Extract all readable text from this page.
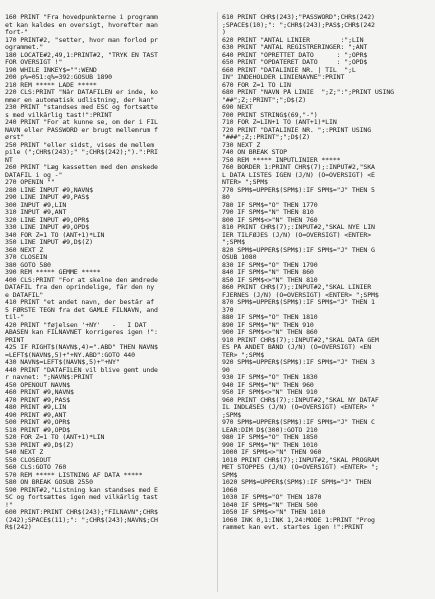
160 PRINT "Fra hovedpunkterne i programm
et kan kaldes en oversigt, hvorefter man
fort-"
170 PRINT#2, "setter, hvor man forlod pr
ogrammet."
180 LOCATE#2,49,1:PRINT#2, "TRYK EN TAST
FOR OVERSIGT !"
190 WHILE INKEY$="":WEND
200 p%=051:q%=392:GOSUB 1890
210 REM ***** LADE *****
220 CLS:PRINT "Når DATAFILEN er inde, ko
mmer en automatisk udlistning, der kan"
230 PRINT "standses med ESC og fortsætte
s med vilkårlig tast!":PRINT
240 PRINT "For at kunne se, om der i FIL
NAVN eller PASSWORD er brugt mellemrum f
ørst"
250 PRINT "eller sidst, vises de mellem
pile (";CHR$(243);" ";CHR$(242);").":PRI
NT
260 PRINT "Læg kassetten med den ønskede
DATAFIL i og -"
270 OPENIN ""
280 LINE INPUT #9,NAVN$
290 LINE INPUT #9,PAS$
300 INPUT #9,LIN
310 INPUT #9,ANT
320 LINE INPUT #9,OPR$
330 LINE INPUT #9,OPD$
340 FOR Z=1 TO (ANT+1)*LIN
350 LINE INPUT #9,D$(Z)
360 NEXT Z
370 CLOSEIN
380 GOTO 580
390 REM ***** GEMME *****
400 CLS:PRINT "For at skelne den ændrede
DATAFIL fra den oprindelige, får den ny
e DATAFIL"
410 PRINT "et andet navn, der består af
5 FØRSTE TEGN fra det GAMLE FILNAVN, and
til-"
420 PRINT "føjelsen '+NY'   -   I DAT
ABASEN kan FILNAVNET korrigeres igen !":
PRINT
425 IF RIGHT$(NAVN$,4)=".ABD" THEN NAVN$
=LEFT$(NAVN$,5)+"+NY.ABD":GOTO 440
430 NAVN$=LEFT$(NAVN$,5)+"+NY"
440 PRINT "DATAFILEN vil blive gemt unde
r navnet: ";NAVN$:PRINT
450 OPENOUT NAVN$
460 PRINT #9,NAVN$
470 PRINT #9,PAS$
480 PRINT #9,LIN
490 PRINT #9,ANT
500 PRINT #9,OPR$
510 PRINT #9,OPD$
520 FOR Z=1 TO (ANT+1)*LIN
530 PRINT #9,D$(Z)
540 NEXT Z
550 CLOSEOUT
560 CLS:GOTO 760
570 REM ***** LISTNING AF DATA *****
580 ON BREAK GOSUB 2550
590 PRINT#2,"Listning kan standses med E
SC og fortsættes igen med vilkårlig tast
!"
600 PRINT:PRINT CHR$(243);"FILNAVN";CHR$
(242);SPACE$(11);": ";CHR$(243);NAVN$;CH
R$(242)
610 PRINT CHR$(243);"PASSWORD";CHR$(242)
;SPACE$(10);": ";CHR$(243);PAS$;CHR$(242
)
620 PRINT "ANTAL LINIER        :";LIN
630 PRINT "ANTAL REGISTRERINGER: ";ANT
640 PRINT "OPRETTET DATO      : ";OPR$
650 PRINT "OPDATERET DATO     : ";OPD$
660 PRINT "DATALINIE NR. | TIL  ";L
IN" INDEHOLDER LINIENAVNE":PRINT
670 FOR Z=1 TO LIN
680 PRINT "NAVN PÅ LINIE  ";Z;":";PRINT USING
"##";Z;:PRINT";";D$(Z)
690 NEXT
700 PRINT STRING$(69,"-")
710 FOR Z=LIN+1 TO (ANT+1)*LIN
720 PRINT "DATALINIE NR. ";:PRINT USING
"###";Z;:PRINT";";D$(Z)
730 NEXT Z
740 ON BREAK STOP
750 REM ***** INPUTLINIER *****
760 BORDER 1:PRINT CHR$(7);:INPUT#2,"SKA
L DATA LISTES IGEN (J/N) (O=OVERSIGT) <E
NTER> ";SPM$
770 SPM$=UPPER$(SPM$):IF SPM$="J" THEN 5
80
780 IF SPM$="O" THEN 1770
790 IF SPM$="N" THEN 810
800 IF SPM$<>"N" THEN 760
810 PRINT CHR$(7);:INPUT#2,"SKAL NYE LIN
IER TILFØJES (J/N) (O=OVERSIGT) <ENTER>
";SPM$
820 SPM$=UPPER$(SPM$):IF SPM$="J" THEN G
OSUB 1080
830 IF SPM$="O" THEN 1790
840 IF SPM$="N" THEN 860
850 IF SPM$<>"N" THEN 810
860 PRINT CHR$(7);:INPUT#2,"SKAL LINIER
FJERNES (J/N) (O=OVERSIGT) <ENTER> ";SPM$
870 SPM$=UPPER$(SPM$):IF SPM$="J" THEN 1
370
880 IF SPM$="O" THEN 1810
890 IF SPM$="N" THEN 910
900 IF SPM$<>"N" THEN 860
910 PRINT CHR$(7);:INPUT#2,"SKAL DATA GEM
ES PÅ ANDET BÅND (J/N) (O=OVERSIGT) <EN
TER> ";SPM$
920 SPM$=UPPER$(SPM$):IF SPM$="J" THEN 3
90
930 IF SPM$="O" THEN 1830
940 IF SPM$="N" THEN 960
950 IF SPM$<>"N" THEN 910
960 PRINT CHR$(7);:INPUT#2,"SKAL NY DATAF
IL INDLÆSES (J/N) (O=OVERSIGT) <ENTER> "
;SPM$
970 SPM$=UPPER$(SPM$):IF SPM$="J" THEN C
LEAR:DIM D$(300):GOTO 210
980 IF SPM$="O" THEN 1850
990 IF SPM$="N" THEN 1010
1000 IF SPM$<>"N" THEN 960
1010 PRINT CHR$(7);:INPUT#2,"SKAL PROGRAM
MET STOPPES (J/N) (O=OVERSIGT) <ENTER> ";
SPM$
1020 SPM$=UPPER$(SPM$):IF SPM$="J" THEN
1060
1030 IF SPM$="O" THEN 1870
1040 IF SPM$="N" THEN 500
1050 IF SPM$<>"N" THEN 1010
1060 INK 0,1:INK 1,24:MODE 1:PRINT "Prog
rammet kan evt. startes igen !":PRINT
